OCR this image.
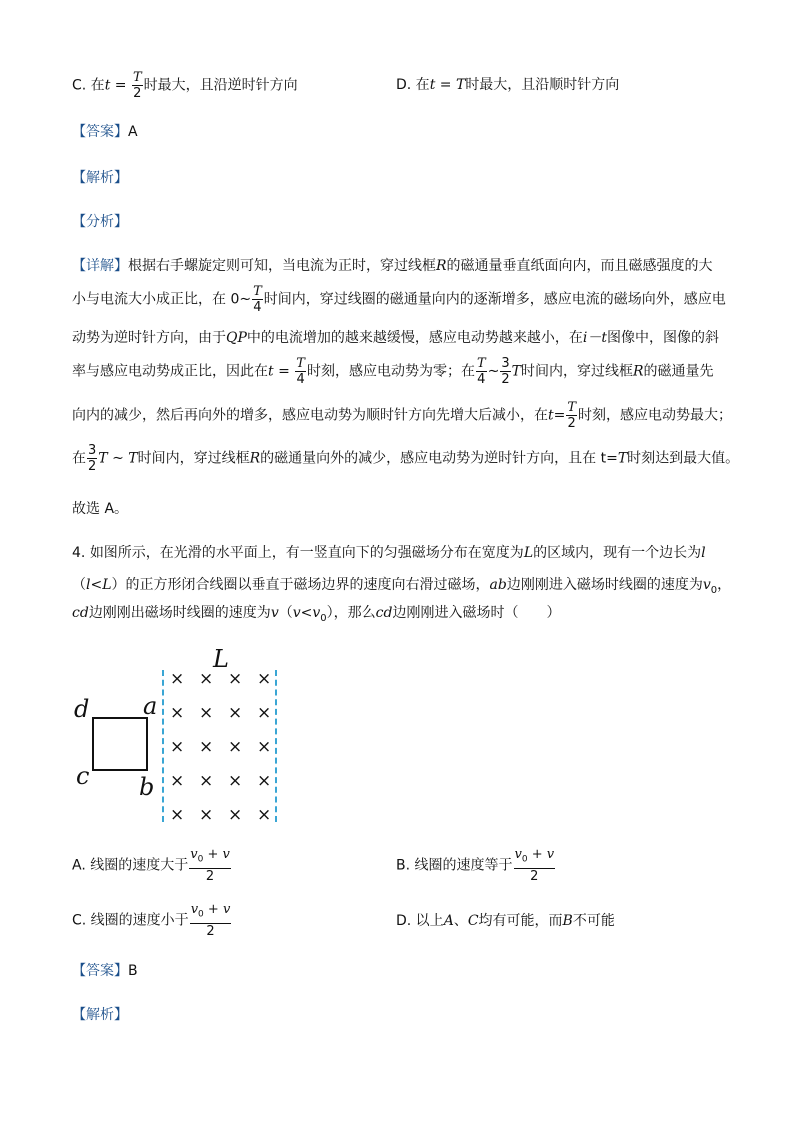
C. 在$t = \frac{T}{2}$ 时最大，且沿逆时针方向	D. 在t = T时最大，且沿顺时针方向
【答案】A
【解析】
【分析】
【详解】根据右手螺旋定则可知，当电流为正时，穿过线框R的磁通量垂直纸面向内，而且磁感强度的大
小与电流大小成正比，在 0~ $\frac{T}{4}$ 时间内，穿过线圈的磁通量向内的逐渐增多，感应电流的磁场向外，感应电
动势为逆时针方向，由于QP中的电流增加的越来越缓慢，感应电动势越来越小，在i－t图像中，图像的斜
率与感应电动势成正比，因此在$t = \frac{T}{4}$ 时刻，感应电动势为零；在 $\frac{T}{4}$ ~ $\frac{3}{2}$ T时间内，穿过线框R的磁通量先
向内的减少，然后再向外的增多，感应电动势为顺时针方向先增大后减小，在$t= \frac{T}{2}$ 时刻，感应电动势最大；
在 $\frac{3}{2}$ T ~ T时间内，穿过线框R的磁通量向外的减少，感应电动势为逆时针方向，且在 t=T时刻达到最大值。
故选 A。
4. 如图所示，在光滑的水平面上，有一竖直向下的匀强磁场分布在宽度为L的区域内，现有一个边长为l
（l<L）的正方形闭合线圈以垂直于磁场边界的速度向右滑过磁场，ab边刚刚进入磁场时线圈的速度为$v_0$，
cd边刚刚出磁场时线圈的速度为$v(v<v_0)$，那么cd边刚刚进入磁场时（　　）
L
d a
c b
× × × ×
× × × ×
× × × ×
× × × ×
× × × ×
A. 线圈的速度大于 $\frac{v_0 + v}{2}$	B. 线圈的速度等于 $\frac{v_0 + v}{2}$
C. 线圈的速度小于 $\frac{v_0 + v}{2}$	D. 以上A、C均有可能，而B不可能
【答案】B
【解析】
